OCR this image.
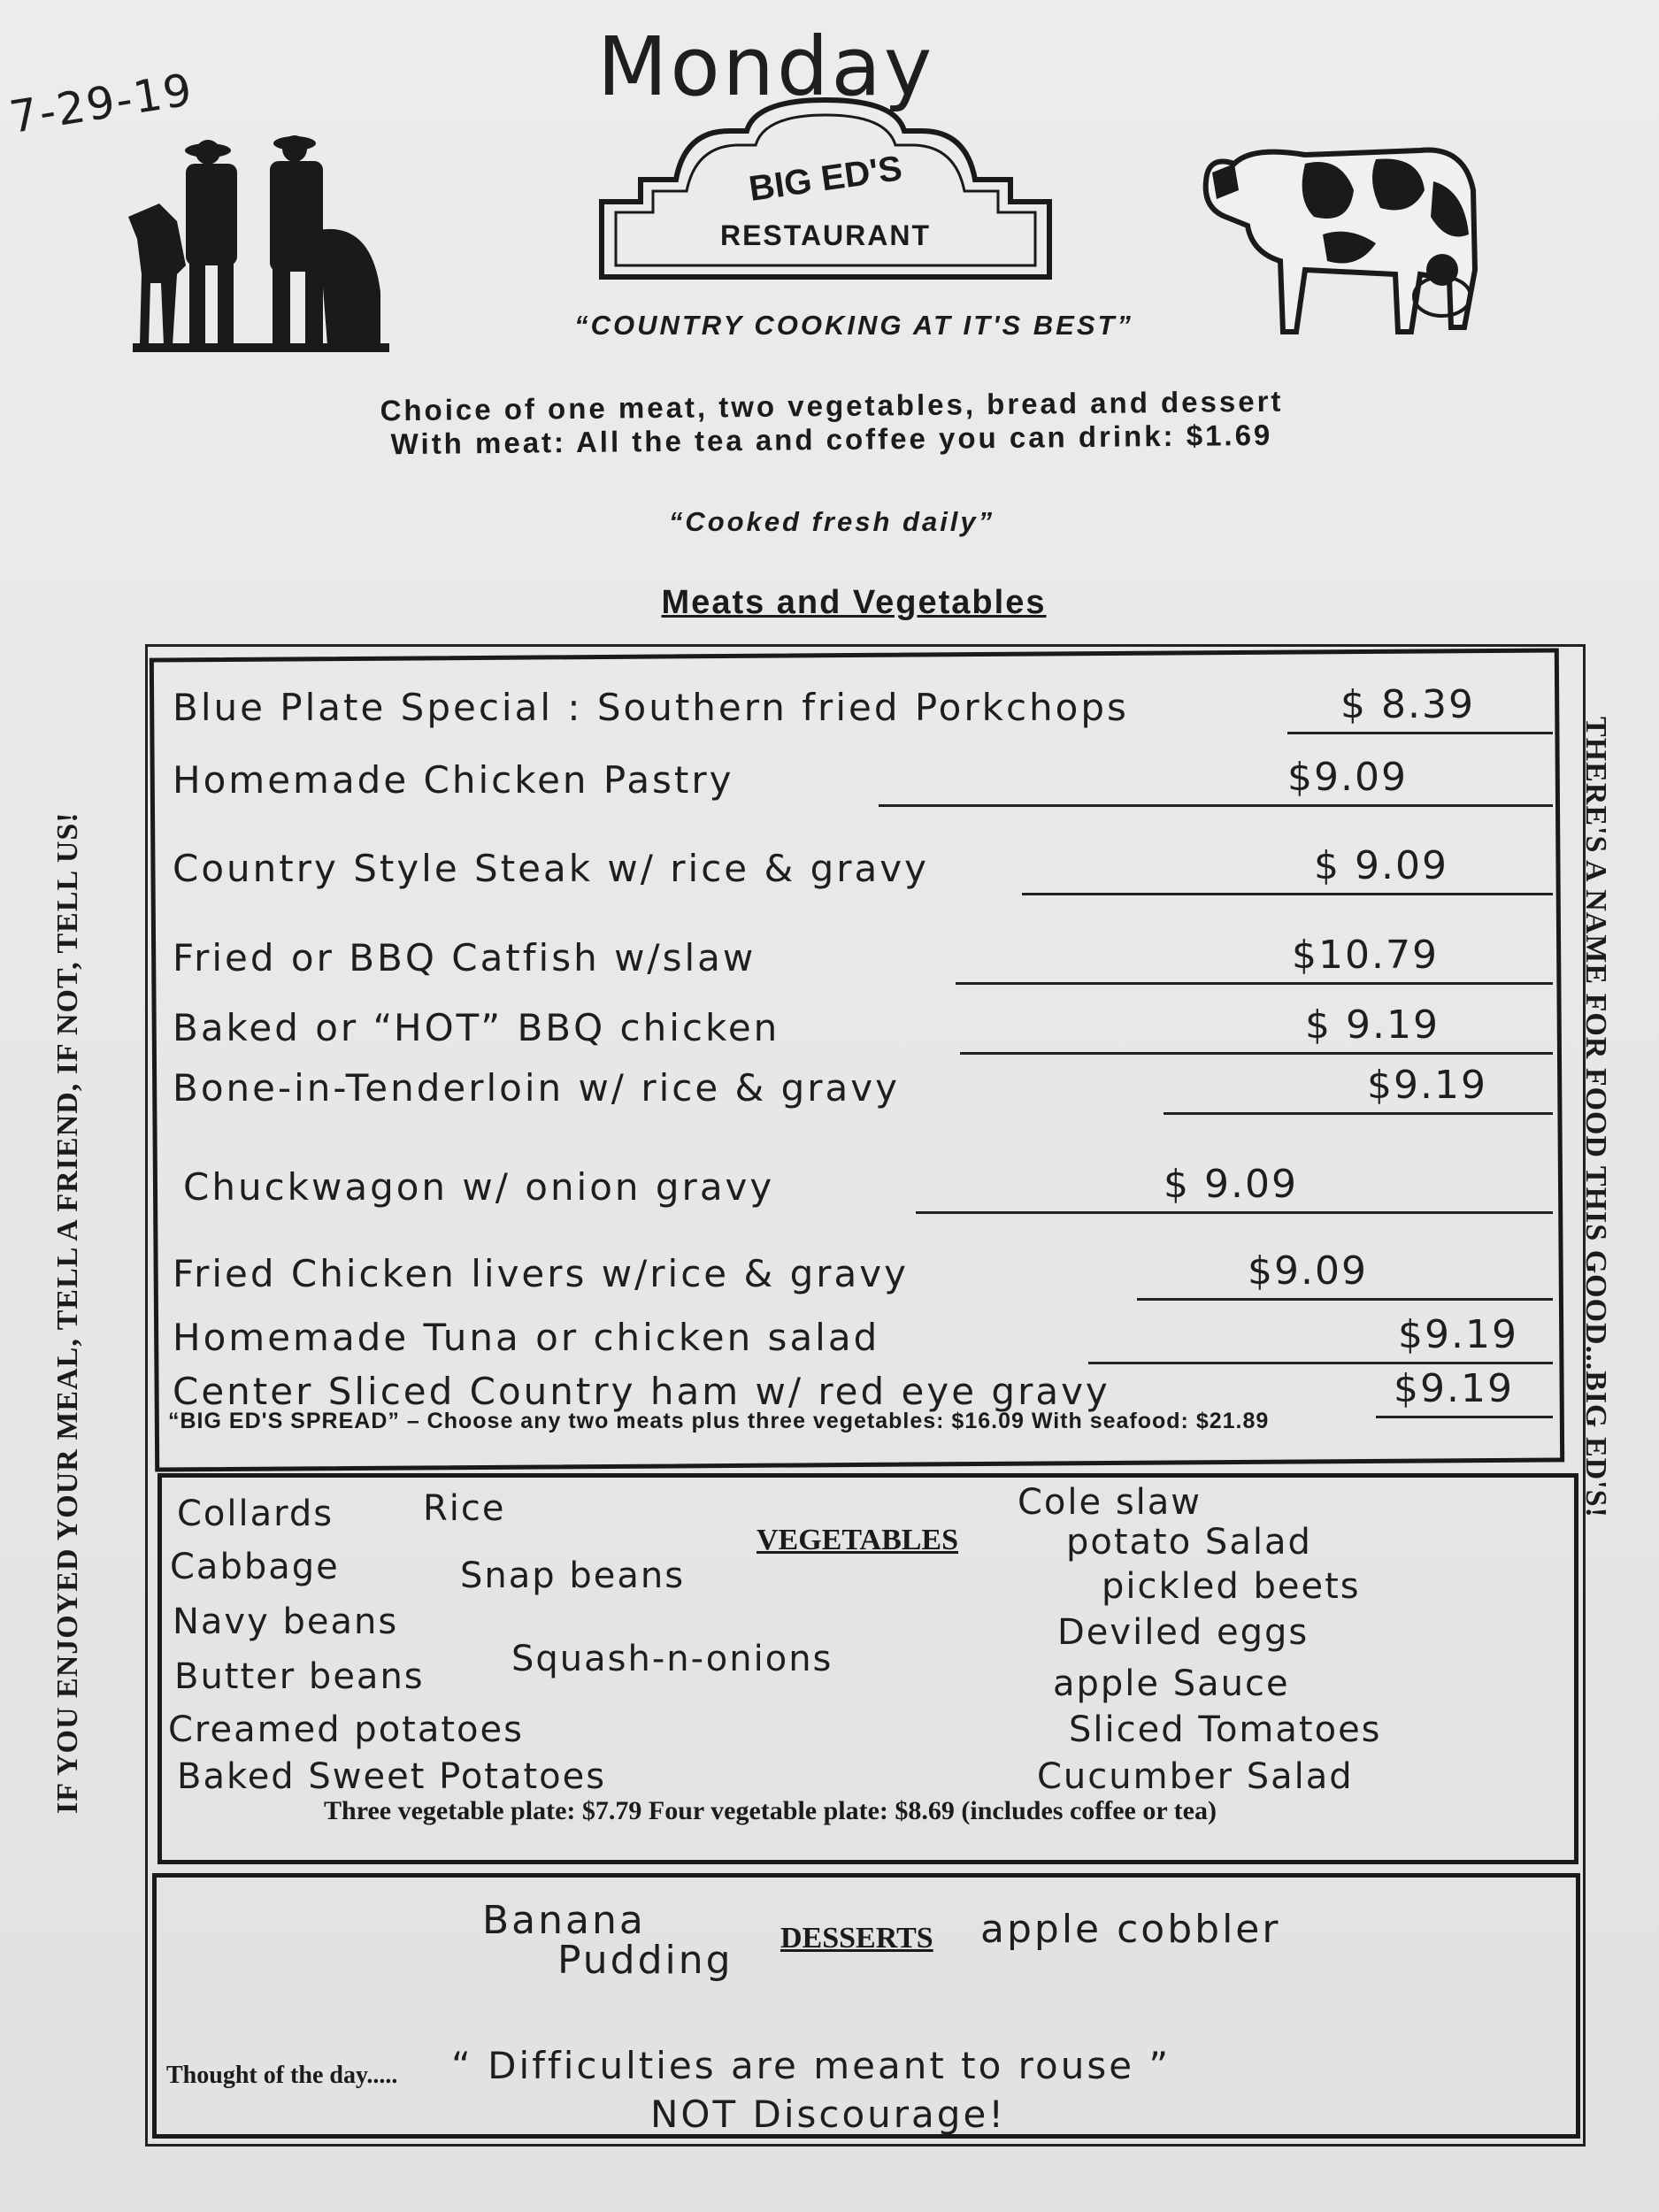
7-29-19	Monday
BIG ED'S
RESTAURANT
“COUNTRY COOKING AT IT'S BEST”
Choice of one meat, two vegetables, bread and dessert
With meat: All the tea and coffee you can drink: $1.69
“Cooked fresh daily”
Meats and Vegetables
IF YOU ENJOYED YOUR MEAL, TELL A FRIEND, IF NOT, TELL US!	THERE'S A NAME FOR FOOD THIS GOOD...BIG ED'S!
Blue Plate Special : Southern fried Porkchops	$ 8.39
Homemade Chicken Pastry	$9.09
Country Style Steak w/ rice & gravy	$ 9.09
Fried or BBQ Catfish w/slaw	$10.79
Baked or “HOT” BBQ chicken	$ 9.19
Bone-in-Tenderloin w/ rice & gravy	$9.19
Chuckwagon w/ onion gravy	$ 9.09
Fried Chicken livers w/rice & gravy	$9.09
Homemade Tuna or chicken salad	$9.19
Center Sliced Country ham w/ red eye gravy	$9.19
“BIG ED'S SPREAD” – Choose any two meats plus three vegetables: $16.09 With seafood: $21.89
VEGETABLES
Collards
Cabbage
Navy beans
Butter beans
Creamed potatoes
Baked Sweet Potatoes
Rice
Snap beans
Squash-n-onions
Cole slaw
potato Salad
pickled beets
Deviled eggs
apple Sauce
Sliced Tomatoes
Cucumber Salad
Three vegetable plate: $7.79 Four vegetable plate: $8.69 (includes coffee or tea)
DESSERTS
Banana
Pudding
apple cobbler
Thought of the day..... “ Difficulties are meant to rouse ”
NOT Discourage!
